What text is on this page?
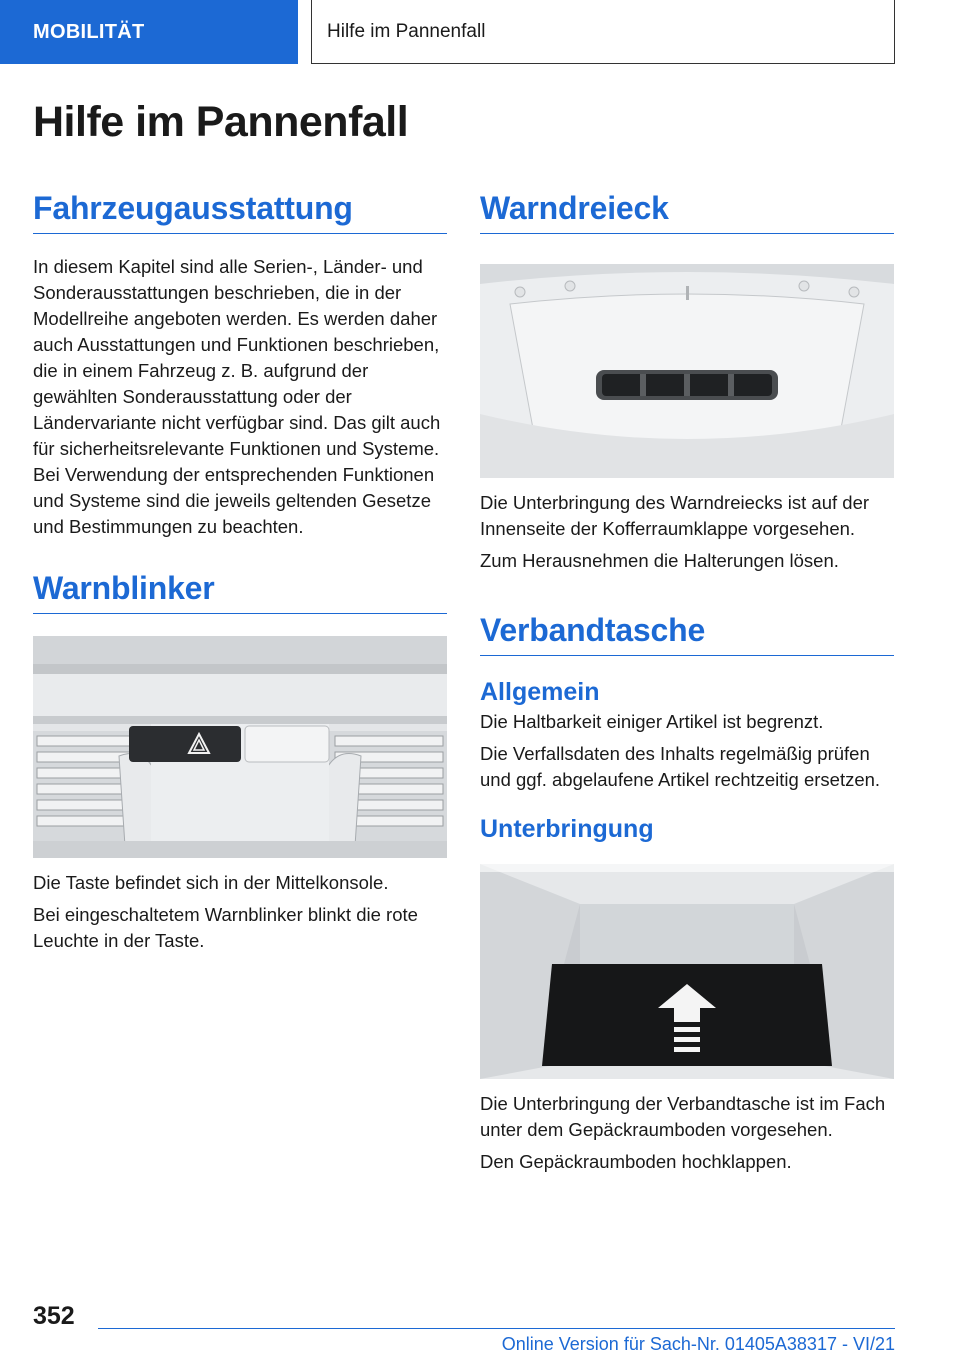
MOBILITÄT	Hilfe im Pannenfall
Hilfe im Pannenfall
Fahrzeugausstattung

In diesem Kapitel sind alle Serien-, Länder- und Sonderausstattungen beschrieben, die in der Modellreihe angeboten werden. Es werden daher auch Ausstattungen und Funktionen beschrieben, die in einem Fahrzeug z. B. aufgrund der gewählten Sonderausstattung oder der Ländervariante nicht verfügbar sind. Das gilt auch für sicherheitsrelevante Funktionen und Systeme. Bei Verwendung der entsprechenden Funktionen und Systeme sind die jeweils geltenden Gesetze und Bestimmungen zu beachten.

Warnblinker

Die Taste befindet sich in der Mittelkonsole.

Bei eingeschaltetem Warnblinker blinkt die rote Leuchte in der Taste.

Warndreieck

Die Unterbringung des Warndreiecks ist auf der Innenseite der Kofferraumklappe vorgesehen.

Zum Herausnehmen die Halterungen lösen.

Verbandtasche
Allgemein

Die Haltbarkeit einiger Artikel ist begrenzt.

Die Verfallsdaten des Inhalts regelmäßig prüfen und ggf. abgelaufene Artikel rechtzeitig ersetzen.

Unterbringung

Die Unterbringung der Verbandtasche ist im Fach unter dem Gepäckraumboden vorgesehen.

Den Gepäckraumboden hochklappen.

352
Online Version für Sach-Nr. 01405A38317 - VI/21
